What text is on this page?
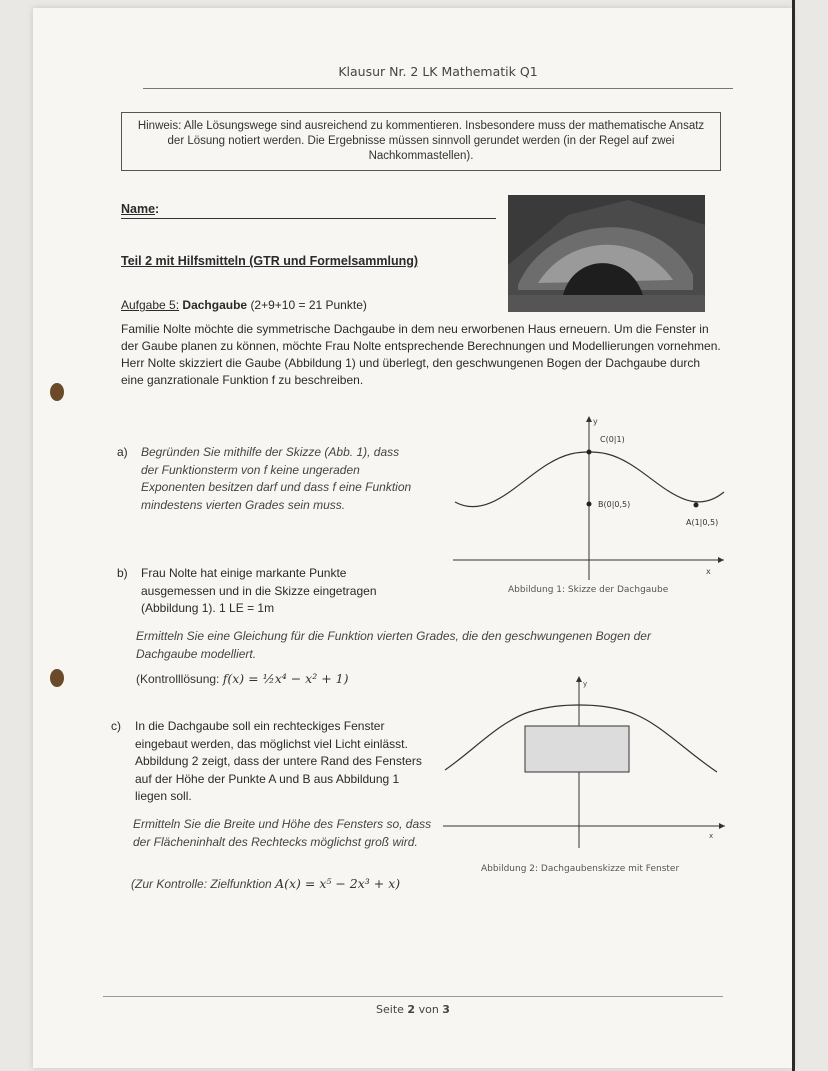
Klausur Nr. 2 LK Mathematik Q1
Hinweis: Alle Lösungswege sind ausreichend zu kommentieren. Insbesondere muss der mathematische Ansatz der Lösung notiert werden. Die Ergebnisse müssen sinnvoll gerundet werden (in der Regel auf zwei Nachkommastellen).
Name:
Teil 2 mit Hilfsmitteln (GTR und Formelsammlung)
Aufgabe 5: Dachgaube (2+9+10 = 21 Punkte)
Familie Nolte möchte die symmetrische Dachgaube in dem neu erworbenen Haus erneuern. Um die Fenster in der Gaube planen zu können, möchte Frau Nolte entsprechende Berechnungen und Modellierungen vornehmen. Herr Nolte skizziert die Gaube (Abbildung 1) und überlegt, den geschwungenen Bogen der Dachgaube durch eine ganzrationale Funktion f zu beschreiben.
a) Begründen Sie mithilfe der Skizze (Abb. 1), dass der Funktionsterm von f keine ungeraden Exponenten besitzen darf und dass f eine Funktion mindestens vierten Grades sein muss.
b) Frau Nolte hat einige markante Punkte ausgemessen und in die Skizze eingetragen (Abbildung 1). 1 LE = 1m
Ermitteln Sie eine Gleichung für die Funktion vierten Grades, die den geschwungenen Bogen der Dachgaube modelliert.
(Kontrolllösung: f(x) = ½x⁴ − x² + 1)
c) In die Dachgaube soll ein rechteckiges Fenster eingebaut werden, das möglichst viel Licht einlässt. Abbildung 2 zeigt, dass der untere Rand des Fensters auf der Höhe der Punkte A und B aus Abbildung 1 liegen soll.
Ermitteln Sie die Breite und Höhe des Fensters so, dass der Flächeninhalt des Rechtecks möglichst groß wird.
(Zur Kontrolle: Zielfunktion A(x) = x⁵ − 2x³ + x)
y
x
C(0|1)
B(0|0,5)
A(1|0,5)
Abbildung 1: Skizze der Dachgaube
y
x
Abbildung 2: Dachgaubenskizze mit Fenster
Seite 2 von 3
